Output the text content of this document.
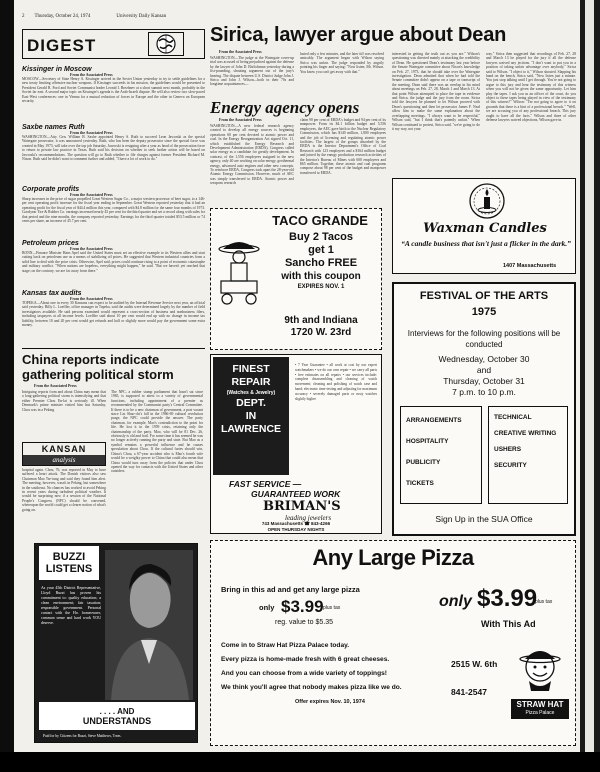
2 Thursday, October 24, 1974	University Daily Kansan
DIGEST
Kissinger in Moscow
From the Associated Press
MOSCOW—Secretary of State Henry A. Kissinger arrived in the Soviet Union yesterday to try to settle guidelines for a new treaty limiting offensive nuclear weapons. If Kissinger succeeds in his mission, the guidelines would be presented to President Gerald R. Ford and Soviet Communist leader Leonid I. Brezhnev at a short summit next month, probably in the Soviet far east. A second major topic on Kissinger's agenda is the Arab-Israeli dispute. He will also review two slow-paced East-West conferences: one in Vienna for a mutual reduction of forces in Europe and the other in Geneva on European security.
Saxbe names Ruth
From the Associated Press
WASHINGTON—Atty. Gen. William B. Saxbe appointed Henry S. Ruth to succeed Leon Jaworski as the special Watergate prosecutor, it was announced yesterday. Ruth, who has been the deputy prosecutor since the special force was created in May 1973, will take over the top job Saturday. Jaworski is resigning after a year as head of the prosecution force to return to private law practice in Texas. Ruth said his decision on whether to seek further action will be based on Jaworski's recommendations. The question will go to Ruth whether to file charges against former President Richard M. Nixon. Ruth said he didn't want to comment further and added, "I have a lot of work to do."
Corporate profits
From the Associated Press
Sharp increases in the price of sugar propelled Great Western Sugar Co., a major western processor of beet sugar, to a 146-per cent operating profit increase for the fiscal year ending in September. Great Western reported yesterday that it had an operating profit for the fiscal year of $44.4 million this year, compared with $4.8 million for the same four months of 1973. Goodyear Tire & Rubber Co. earnings increased nearly 45 per cent for the third quarter and set a record along with sales for that period and the nine months, the company reported yesterday. Earnings for the third quarter totaled $53.5 million or 74 cents per share, an increase of 45.7 per cent.
Petroleum prices
From the Associated Press
BONN—Finance Minister Hans Apel said the United States must set an effective example to its Western allies and start cutting back on petroleum use as a means of stabilizing oil prices. He suggested that Western industrial countries form a solid line to deal with the price crisis. Otherwise, Apel said, prices could continue rising to a point of economic catastrophe and military conflict. "When nations are hopeless, everything might happen," he said. "But we haven't yet reached that stage; on the contrary, we are far away from there."
Kansas tax audits
From the Associated Press
TOPEKA—About one in every 30 Kansans can expect to be audited by the Internal Revenue Service next year, an official said yesterday. Billy L. Loeffler, office manager in Topeka, said the audits were determined largely by the number of field investigators available. He said persons examined would represent a cross-section of business and nonbusiness filers, including taxpayers at all income levels. Loeffler said about 10 per cent would end up with no change in income tax liability, between 10 and 20 per cent would get refunds and half or slightly more would pay the government some extra money.
China reports indicate
gathering political storm
From the Associated Press
Intriguing reports from and about China may mean that a long-gathering political storm is intensifying and that either Premier Chou En-lai is seriously ill. When Denmark's prime minister visited him last Saturday, Chou was in a Peking
KANSAN
analysis
hospital again. Chou, 76, was reported in May to have suffered a heart attack. The Danish visitors also saw Chairman Mao Tse-tung and said they found him alert. The meeting, however, wasn't in Peking, but somewhere in the southeast. No chances has worked to avoid Peking in recent years during turbulent political weather. It would be surprising now if a session of the National People's Congress (NPC) should be convened, whereupon the world could get a clearer notion of what's going on.
The NPC, a rubber stamp parliament that hasn't sat since 1965, is supposed to attest to a variety of governmental functions, including appointment of a premier as recommended by the Communist party's Central Committee. If there is to be a new chairman of government, a post vacant since Liu Shao-chi's fall in the 1966-69 cultural revolution purge, the NPC could provide the answer. The party chairman, for example, Mao's contradiction to the point for life. He lost it in the 1959 crisis, retaining only the chairmanship of the party. Mao, who will be 81 Dec. 26, obviously is old and frail. For some time it has seemed he was no longer actively running the party and state. But Mao as a symbol remains a powerful influence and he causes speculation about Chou. If the cultural furies should win, China's Chou, a 67-year accident who is Mao's fourth wife would be a weighty power to China that could also mean that China would turn away from the policies that under Chou opened the way for contacts with the United States and other outsiders.
BUZZI LISTENS
As your 45th District Representative, Lloyd Buzzi has proven his commitment to: quality education; a clean environment; fair taxation; responsible government. Personal contact with the Ho. homeowner, common sense and hard work YOU deserve.
. . . . AND
UNDERSTANDS
Paid for by Citizens for Buzzi, Steve Matthews, Treas.
Sirica, lawyer argue about Dean
From the Associated Press
WASHINGTON—The judge at the Watergate cover-up trial was accused of being prejudiced against the defense by the lawyer of John D. Ehrlichman yesterday during a fist-pounding, shouting argument out of the jury's hearing. The dispute between U.S. District Judge John J. Sirica and John J. Wilson—both in their 70s and longtime acquaintances—
lasted only a few minutes, and the later tiff was resolved amicably. The argument began with Wilson saying Sirica was unfair. The judge responded by angrily pointing his finger and saying: "Now listen, Mr. Wilson. You know you can't get away with that."
interested in getting the truth out as you are." Wilson's questioning was directed mainly at attacking the credibility of Dean. He questioned Dean's testimony last year before the Senate Watergate committee about Nixon's knowledge on Feb. 27, 1973, that he should take over the Watergate investigation. Dean admitted that when he had told the Senate committee didn't appear on a tape or transcript of the meeting. Dean said there was an overlap in his mind about meetings on Feb. 27, 28, March 1 and March 13. At that point Wilson attempted to place the tape in evidence and Sirica, the judge and the jury from the room. Sirica told the lawyers he planned to let Wilson proceed with Dean's questioning and then let prosecutor James F. Neal allow him to make the same explanation about the overlapping meetings. "I always want to be respectful," Wilson said, "but I think that's patently unfair." When Wilson continued to protest, Sirica said, "we're going to do it my way, not your
way." Sirica then suggested that recordings of Feb. 27, 28 and March 13 be played for the jury if all the defense lawyers waived any jections. "I don't want to put you in a position of taking unfair advantage over anybody," Sirica said to Wilson. "I object to it," Wilson shouted. Slapping his hand on the bench, Sirica said, "Now listen just a minute. You just stop talking until I get through. You're not going to argue to this jury and hear the testimony of this witness when you will not be given the same opportunity. Let him play the tapes. I ask you as an officer of the court, do you object to these tapes being played in view of the testimony of this witness?" Wilson: "I'm not going to agree to it on grounds that there is a hint of a professional breach." "Well, we are accusing you of any professional breach. This jury ought to have all the facts." Wilson and three of other defense lawyers waived objections, Wilson gave in.
Energy agency opens
From the Associated Press
WASHINGTON—A new federal research agency created to develop all energy sources is beginning operations 60 per cent devoted to atomic power and coal. In the Energy Reorganization Act signed Oct. 11, which established the Energy Research and Development Administration (ERDA), Congress called solar energy as a candidate for greatly development. In contrast, of the 1,556 employees assigned to the new agency, only 40 are working on solar energy, geothermal energy, advanced auto engines and other new concepts. To reinforce ERDA, Congress took apart the 28-year-old Atomic Energy Commission. However, much of AEC was simply transferred to ERDA. Atomic power and weapons research
claim 90 per cent of ERDA's budget and 94 per cent of its manpower. From its $4.1 billion budget and 5,556 employees, the AEC gave birth to the Nuclear Regulatory Commission, which has $140 million, 1,800 employees and the job of licensing and regulating atomic power facilities. The largest of the groups absorbed by the ERDA is the Interior Department's Office of Coal Research with 123 employees and a $164 million budget and joined by the energy production research activities of the Interior's Bureau of Mines with 600 employees and $65 million. Together, these atomic and coal programs compose about 98 per cent of the budget and manpower transferred to ERDA.
Waxman Candles
“A candle business that isn't just a flicker in the dark.”
1407 Massachusetts
TACO GRANDE
Buy 2 Tacos
get 1
Sancho FREE
with this coupon
EXPIRES NOV. 1
9th and Indiana
1720 W. 23rd
FESTIVAL OF THE ARTS
1975
Interviews for the following positions will be conducted
Wednesday, October 30
and
Thursday, October 31
7 p.m. to 10 p.m.
ARRANGEMENTS
HOSPITALITY
PUBLICITY
TICKETS
TECHNICAL
CREATIVE WRITING
USHERS
SECURITY
Sign Up in the SUA Office
FINEST
REPAIR
(Watches & Jewelry)
DEPT.
IN
LAWRENCE
• 7 Year Guarantee • all work at cost by our expert watchmakers • we do our own repair • we carry all parts • free estimates on all repairs • our services include: complete disassembling and cleaning of watch movement; cleaning and polishing of watch case and band; electronic time-testing and adjusting for maximum accuracy • severely damaged parts or rusty watches slightly higher
FAST SERVICE —
GUARANTEED WORK
BRIMAN'S
leading jewelers
743 Massachusetts ☎ 843-4266
OPEN THURSDAY NIGHTS
Any Large Pizza
Bring in this ad and get any large pizza
only $3.99 plus tax
reg. value to $5.35
only $3.99
plus tax
With This Ad
Come in to Straw Hat Pizza Palace today.
Every pizza is home-made fresh with 6 great cheeses.
And you can choose from a wide variety of toppings!
We think you'll agree that nobody makes pizza like we do.
Offer expires Nov. 10, 1974
2515 W. 6th
841-2547
STRAW HAT
Pizza Palace
